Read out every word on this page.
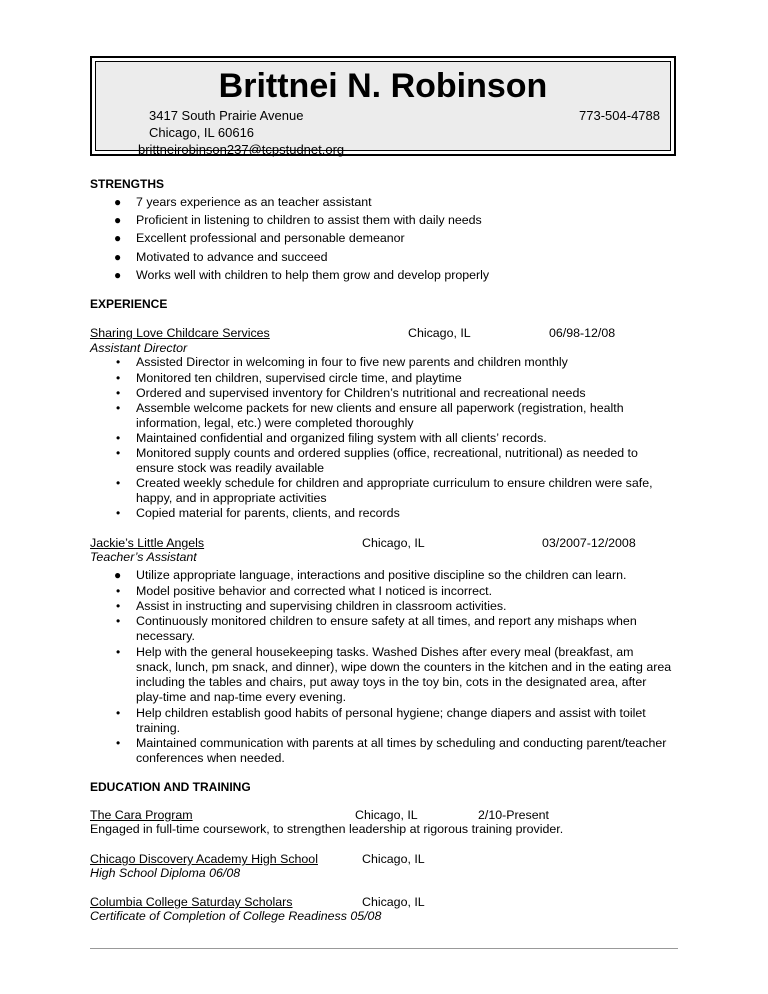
Brittnei N. Robinson
3417 South Prairie Avenue
Chicago, IL 60616
brittneirobinson237@tcpstudnet.org
773-504-4788
STRENGTHS
● 7 years experience as an teacher assistant
● Proficient in listening to children to assist them with daily needs
● Excellent professional and personable demeanor
● Motivated to advance and succeed
● Works well with children to help them grow and develop properly
EXPERIENCE
Sharing Love Childcare Services	Chicago, IL	06/98-12/08
Assistant Director
• Assisted Director in welcoming in four to five new parents and children monthly
• Monitored ten children, supervised circle time, and playtime
• Ordered and supervised inventory for Children’s nutritional and recreational needs
• Assemble welcome packets for new clients and ensure all paperwork (registration, health
information, legal, etc.) were completed thoroughly
• Maintained confidential and organized filing system with all clients’ records.
• Monitored supply counts and ordered supplies (office, recreational, nutritional) as needed to
ensure stock was readily available
• Created weekly schedule for children and appropriate curriculum to ensure children were safe,
happy, and in appropriate activities
• Copied material for parents, clients, and records
Jackie’s Little Angels	Chicago, IL	03/2007-12/2008
Teacher’s Assistant
● Utilize appropriate language, interactions and positive discipline so the children can learn.
• Model positive behavior and corrected what I noticed is incorrect.
• Assist in instructing and supervising children in classroom activities.
• Continuously monitored children to ensure safety at all times, and report any mishaps when
necessary.
• Help with the general housekeeping tasks. Washed Dishes after every meal (breakfast, am
snack, lunch, pm snack, and dinner), wipe down the counters in the kitchen and in the eating area
including the tables and chairs, put away toys in the toy bin, cots in the designated area, after
play-time and nap-time every evening.
• Help children establish good habits of personal hygiene; change diapers and assist with toilet
training.
• Maintained communication with parents at all times by scheduling and conducting parent/teacher
conferences when needed.
EDUCATION AND TRAINING
The Cara Program	Chicago, IL	2/10-Present
Engaged in full-time coursework, to strengthen leadership at rigorous training provider.
Chicago Discovery Academy High School	Chicago, IL
High School Diploma 06/08
Columbia College Saturday Scholars	Chicago, IL
Certificate of Completion of College Readiness 05/08
